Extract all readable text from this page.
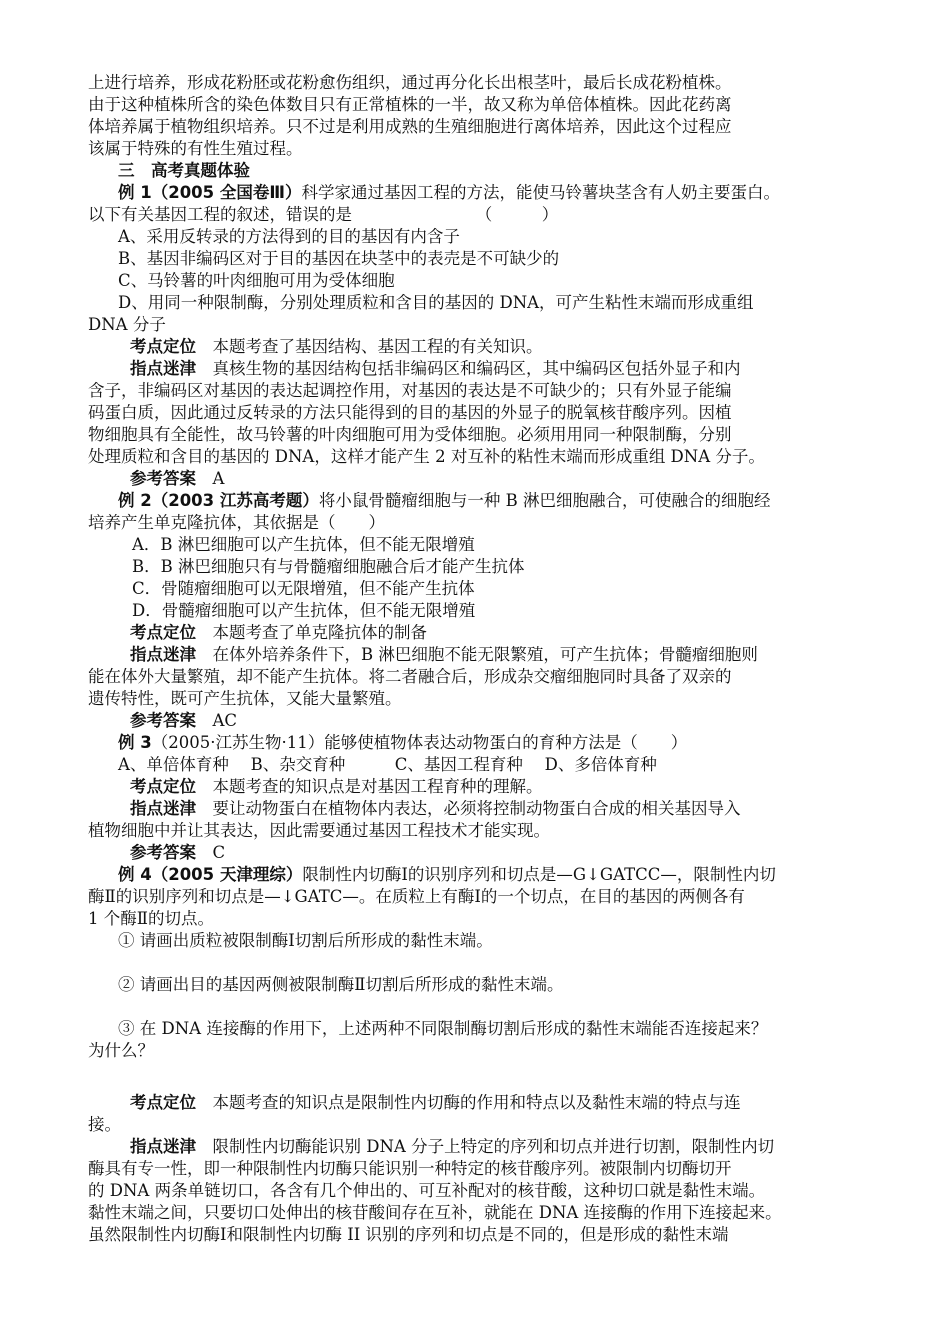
上进行培养，形成花粉胚或花粉愈伤组织，通过再分化长出根茎叶，最后长成花粉植株。

由于这种植株所含的染色体数目只有正常植株的一半，故又称为单倍体植株。因此花药离

体培养属于植物组织培养。只不过是利用成熟的生殖细胞进行离体培养，因此这个过程应

该属于特殊的有性生殖过程。

三　高考真题体验

例 1（2005 全国卷Ⅲ）科学家通过基因工程的方法，能使马铃薯块茎含有人奶主要蛋白。

以下有关基因工程的叙述，错误的是　　　　　　　　（　　　）

A、采用反转录的方法得到的目的基因有内含子

B、基因非编码区对于目的基因在块茎中的表売是不可缺少的

C、马铃薯的叶肉细胞可用为受体细胞

D、用同一种限制酶，分别处理质粒和含目的基因的 DNA，可产生粘性末端而形成重组

DNA 分子

考点定位　 本题考查了基因结构、基因工程的有关知识。

指点迷津　 真核生物的基因结构包括非编码区和编码区，其中编码区包括外显子和内

含子，非编码区对基因的表达起调控作用，对基因的表达是不可缺少的；只有外显子能编

码蛋白质，因此通过反转录的方法只能得到的目的基因的外显子的脱氧核苷酸序列。因植

物细胞具有全能性，故马铃薯的叶肉细胞可用为受体细胞。必须用用同一种限制酶，分别

处理质粒和含目的基因的 DNA，这样才能产生 2 对互补的粘性末端而形成重组 DNA 分子。

参考答案　 A

例 2（2003 江苏高考题）将小鼠骨髓瘤细胞与一种 B 淋巴细胞融合，可使融合的细胞经

培养产生单克隆抗体，其依据是（　　）

A．B 淋巴细胞可以产生抗体，但不能无限增殖

B．B 淋巴细胞只有与骨髓瘤细胞融合后才能产生抗体

C．骨随瘤细胞可以无限增殖，但不能产生抗体

D．骨髓瘤细胞可以产生抗体，但不能无限增殖

考点定位　 本题考查了单克隆抗体的制备

指点迷津　 在体外培养条件下，B 淋巴细胞不能无限繁殖，可产生抗体；骨髓瘤细胞则

能在体外大量繁殖，却不能产生抗体。将二者融合后，形成杂交瘤细胞同时具备了双亲的

遗传特性，既可产生抗体，又能大量繁殖。

参考答案　 AC

例 3（2005·江苏生物·11）能够使植物体表达动物蛋白的育种方法是（　　）

A、单倍体育种　 B、杂交育种　　　C、基因工程育种　 D、多倍体育种

考点定位　 本题考查的知识点是对基因工程育种的理解。

指点迷津　 要让动物蛋白在植物体内表达，必须将控制动物蛋白合成的相关基因导入

植物细胞中并让其表达，因此需要通过基因工程技术才能实现。

参考答案　 C

例 4（2005 天津理综）限制性内切酶Ⅰ的识别序列和切点是—G↓GATCC—，限制性内切

酶Ⅱ的识别序列和切点是—↓GATC—。在质粒上有酶Ⅰ的一个切点，在目的基因的两侧各有

1 个酶Ⅱ的切点。

① 请画出质粒被限制酶Ⅰ切割后所形成的黏性末端。

② 请画出目的基因两侧被限制酶Ⅱ切割后所形成的黏性末端。

③ 在 DNA 连接酶的作用下，上述两种不同限制酶切割后形成的黏性末端能否连接起来？

为什么？

考点定位　 本题考查的知识点是限制性内切酶的作用和特点以及黏性末端的特点与连

接。

指点迷津　 限制性内切酶能识别 DNA 分子上特定的序列和切点并进行切割，限制性内切

酶具有专一性，即一种限制性内切酶只能识别一种特定的核苷酸序列。被限制内切酶切开

的 DNA 两条单链切口，各含有几个伸出的、可互补配对的核苷酸，这种切口就是黏性末端。

黏性末端之间，只要切口处伸出的核苷酸间存在互补，就能在 DNA 连接酶的作用下连接起来。

虽然限制性内切酶Ⅰ和限制性内切酶 II 识别的序列和切点是不同的，但是形成的黏性末端
